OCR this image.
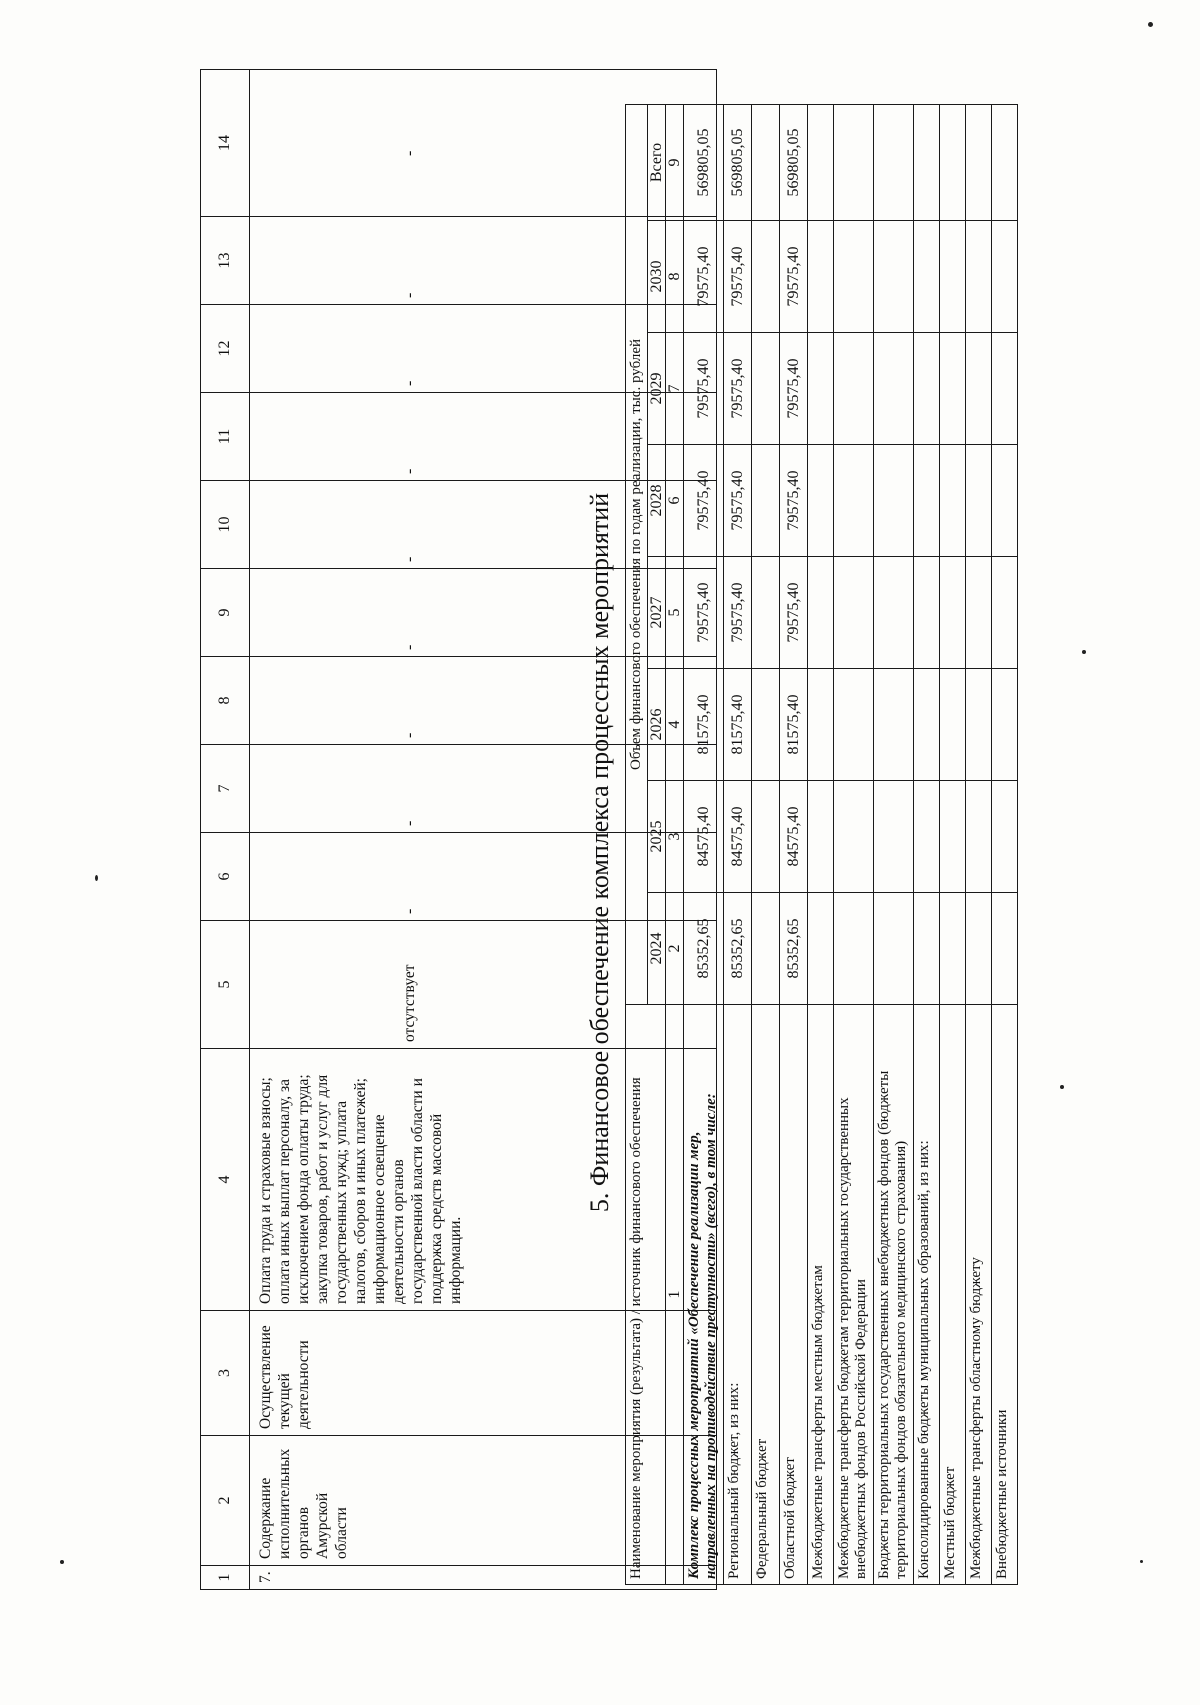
1	2	3	4	5	6	7	8	9	10	11	12	13	14
7.	Содержание исполнительных органов Амурской области	Осуществление текущей деятельности	Оплата труда и страховые взносы; оплата иных выплат персоналу, за исключением фонда оплаты труда; закупка товаров, работ и услуг для государственных нужд; уплата налогов, сборов и иных платежей; информационное освещение деятельности органов государственной власти области и поддержка средств массовой информации.	отсутствует	-	-	-	-	-	-	-	-	-
5. Финансовое обеспечение комплекса процессных мероприятий
Наименование мероприятия (результата) / источник финансового обеспечения	Объем финансового обеспечения по годам реализации, тыс. рублей							
	2024	2025	2026	2027	2028	2029	2030	Всего
1	2	3	4	5	6	7	8	9

Комплекс процессных мероприятий «Обеспечение реализации мер, направленных на противодействие преступности» (всего), в том числе:	85352,65	84575,40	81575,40	79575,40	79575,40	79575,40	79575,40	569805,05
Региональный бюджет, из них:	85352,65	84575,40	81575,40	79575,40	79575,40	79575,40	79575,40	569805,05
Федеральный бюджет								
Областной бюджет	85352,65	84575,40	81575,40	79575,40	79575,40	79575,40	79575,40	569805,05
Межбюджетные трансферты местным бюджетам								
Межбюджетные трансферты бюджетам территориальных государственных внебюджетных фондов Российской Федерации								
Бюджеты территориальных государственных внебюджетных фондов (бюджеты территориальных фондов обязательного медицинского страхования)								
Консолидированные бюджеты муниципальных образований, из них:								
Местный бюджет								
Межбюджетные трансферты областному бюджету								
Внебюджетные источники								
